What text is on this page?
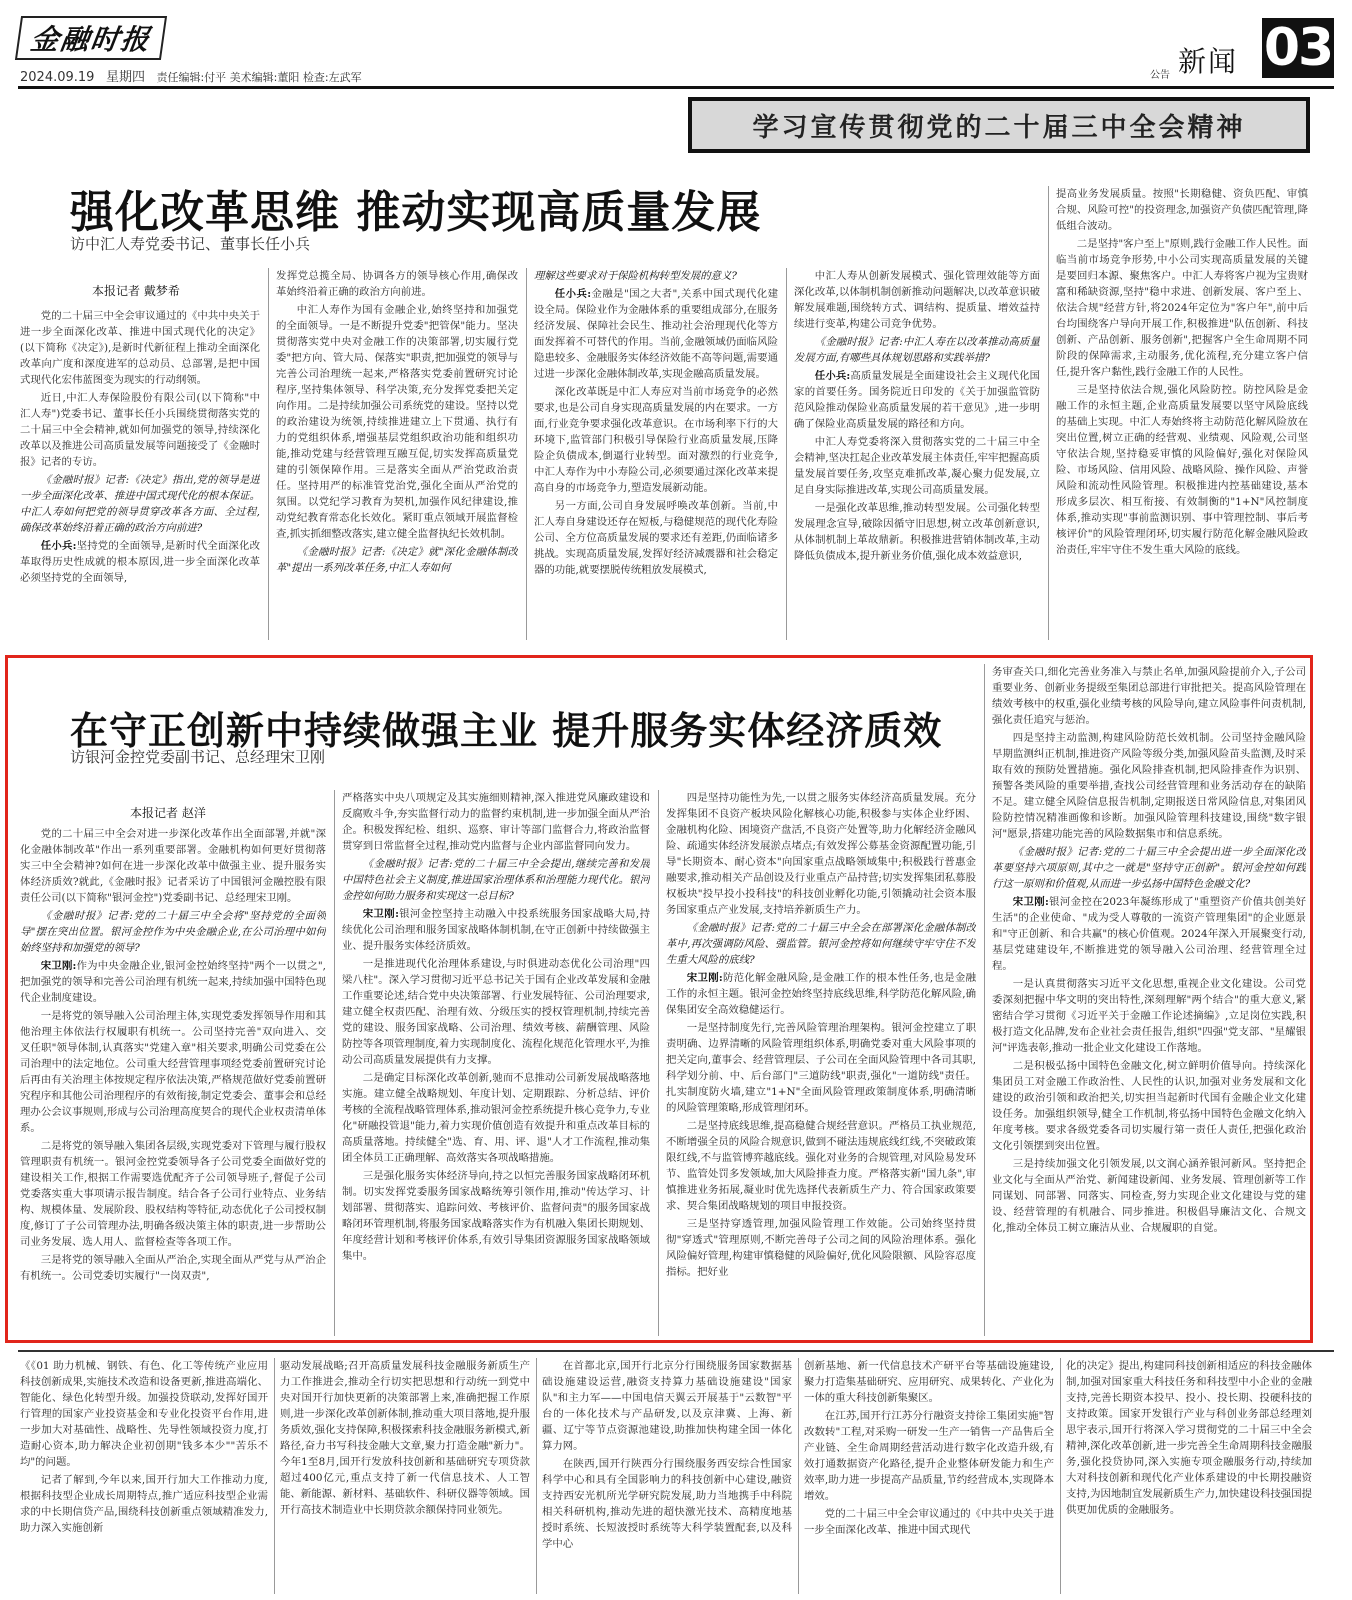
金融时报
2024.09.19 星期四 责任编辑:付平 美术编辑:董阳 检查:左武军	公告 新闻 03
学习宣传贯彻党的二十届三中全会精神
强化改革思维 推动实现高质量发展
访中汇人寿党委书记、董事长任小兵
本报记者 戴梦希

党的二十届三中全会审议通过的《中共中央关于进一步全面深化改革、推进中国式现代化的决定》(以下简称《决定》),是新时代新征程上推动全面深化改革向广度和深度进军的总动员、总部署,是把中国式现代化宏伟蓝图变为现实的行动纲领。

近日,中汇人寿保险股份有限公司(以下简称"中汇人寿")党委书记、董事长任小兵围绕贯彻落实党的二十届三中全会精神,就如何加强党的领导,持续深化改革以及推进公司高质量发展等问题接受了《金融时报》记者的专访。

《金融时报》记者:《决定》指出,党的领导是进一步全面深化改革、推进中国式现代化的根本保证。中汇人寿如何把党的领导贯穿改革各方面、全过程,确保改革始终沿着正确的政治方向前进?

任小兵:坚持党的全面领导,是新时代全面深化改革取得历史性成就的根本原因,进一步全面深化改革必须坚持党的全面领导,

发挥党总揽全局、协调各方的领导核心作用,确保改革始终沿着正确的政治方向前进。

中汇人寿作为国有金融企业,始终坚持和加强党的全面领导。一是不断提升党委"把管保"能力。坚决贯彻落实党中央对金融工作的决策部署,切实履行党委"把方向、管大局、保落实"职责,把加强党的领导与完善公司治理统一起来,严格落实党委前置研究讨论程序,坚持集体领导、科学决策,充分发挥党委把关定向作用。二是持续加强公司系统党的建设。坚持以党的政治建设为统领,持续推进建立上下贯通、执行有力的党组织体系,增强基层党组织政治功能和组织功能,推动党建与经营管理互融互促,切实发挥高质量党建的引领保障作用。三是落实全面从严治党政治责任。坚持用严的标准管党治党,强化全面从严治党的氛围。以党纪学习教育为契机,加强作风纪律建设,推动党纪教育常态化长效化。紧盯重点领域开展监督检查,抓实抓细整改落实,建立健全监督执纪长效机制。

《金融时报》记者:《决定》就"深化金融体制改革"提出一系列改革任务,中汇人寿如何

理解这些要求对于保险机构转型发展的意义?

任小兵:金融是"国之大者",关系中国式现代化建设全局。保险业作为金融体系的重要组成部分,在服务经济发展、保障社会民生、推动社会治理现代化等方面发挥着不可替代的作用。当前,金融领域仍面临风险隐患较多、金融服务实体经济效能不高等问题,需要通过进一步深化金融体制改革,实现金融高质量发展。

深化改革既是中汇人寿应对当前市场竞争的必然要求,也是公司自身实现高质量发展的内在要求。一方面,行业竞争要求强化改革意识。在市场利率下行的大环境下,监管部门积极引导保险行业高质量发展,压降险企负债成本,倒逼行业转型。面对激烈的行业竞争,中汇人寿作为中小寿险公司,必须要通过深化改革来提高自身的市场竞争力,塑造发展新动能。

另一方面,公司自身发展呼唤改革创新。当前,中汇人寿自身建设还存在短板,与稳健规范的现代化寿险公司、全方位高质量发展的要求还有差距,仍面临诸多挑战。实现高质量发展,发挥好经济减震器和社会稳定器的功能,就要摆脱传统粗放发展模式,

中汇人寿从创新发展模式、强化管理效能等方面深化改革,以体制机制创新推动问题解决,以改革意识破解发展难题,围绕转方式、调结构、提质量、增效益持续进行变革,构建公司竞争优势。

《金融时报》记者:中汇人寿在以改革推动高质量发展方面,有哪些具体规划思路和实践举措?

任小兵:高质量发展是全面建设社会主义现代化国家的首要任务。国务院近日印发的《关于加强监管防范风险推动保险业高质量发展的若干意见》,进一步明确了保险业高质量发展的路径和方向。

中汇人寿党委将深入贯彻落实党的二十届三中全会精神,坚决扛起企业改革发展主体责任,牢牢把握高质量发展首要任务,攻坚克难抓改革,凝心聚力促发展,立足自身实际推进改革,实现公司高质量发展。

一是强化改革思维,推动转型发展。公司强化转型发展理念宣导,破除因循守旧思想,树立改革创新意识,从体制机制上革故鼎新。积极推进营销体制改革,主动降低负债成本,提升新业务价值,强化成本效益意识,

提高业务发展质量。按照"长期稳健、资负匹配、审慎合规、风险可控"的投资理念,加强资产负债匹配管理,降低组合波动。

二是坚持"客户至上"原则,践行金融工作人民性。面临当前市场竞争形势,中小公司实现高质量发展的关键是要回归本源、聚焦客户。中汇人寿将客户视为宝贵财富和稀缺资源,坚持"稳中求进、创新发展、客户至上、依法合规"经营方针,将2024年定位为"客户年",前中后台均围绕客户导向开展工作,积极推进"队伍创新、科技创新、产品创新、服务创新",把握客户全生命周期不同阶段的保障需求,主动服务,优化流程,充分建立客户信任,提升客户黏性,践行金融工作的人民性。

三是坚持依法合规,强化风险防控。防控风险是金融工作的永恒主题,企业高质量发展要以坚守风险底线的基础上实现。中汇人寿始终将主动防范化解风险放在突出位置,树立正确的经营观、业绩观、风险观,公司坚守依法合规,坚持稳妥审慎的风险偏好,强化对保险风险、市场风险、信用风险、战略风险、操作风险、声誉风险和流动性风险管理。积极推进内控基础建设,基本形成多层次、相互衔接、有效制衡的"1+N"风控制度体系,推动实现"事前监测识别、事中管理控制、事后考核评价"的风险管理闭环,切实履行防范化解金融风险政治责任,牢牢守住不发生重大风险的底线。

在守正创新中持续做强主业 提升服务实体经济质效
访银河金控党委副书记、总经理宋卫刚
本报记者 赵洋

党的二十届三中全会对进一步深化改革作出全面部署,并就"深化金融体制改革"作出一系列重要部署。金融机构如何更好贯彻落实三中全会精神?如何在进一步深化改革中做强主业、提升服务实体经济质效?就此,《金融时报》记者采访了中国银河金融控股有限责任公司(以下简称"银河金控")党委副书记、总经理宋卫刚。

《金融时报》记者:党的二十届三中全会将"坚持党的全面领导"摆在突出位置。银河金控作为中央金融企业,在公司治理中如何始终坚持和加强党的领导?

宋卫刚:作为中央金融企业,银河金控始终坚持"两个一以贯之",把加强党的领导和完善公司治理有机统一起来,持续加强中国特色现代企业制度建设。

一是将党的领导融入公司治理主体,实现党委发挥领导作用和其他治理主体依法行权履职有机统一。公司坚持完善"双向进入、交叉任职"领导体制,认真落实"党建入章"相关要求,明确公司党委在公司治理中的法定地位。公司重大经营管理事项经党委前置研究讨论后再由有关治理主体按规定程序依法决策,严格规范做好党委前置研究程序和其他公司治理程序的有效衔接,制定党委会、董事会和总经理办公会议事规则,形成与公司治理高度契合的现代企业权责清单体系。

二是将党的领导融入集团各层级,实现党委对下管理与履行股权管理职责有机统一。银河金控党委领导各子公司党委全面做好党的建设相关工作,根据工作需要选优配齐子公司领导班子,督促子公司党委落实重大事项请示报告制度。结合各子公司行业特点、业务结构、规模体量、发展阶段、股权结构等特征,动态优化子公司授权制度,修订了子公司管理办法,明确各级决策主体的职责,进一步帮助公司业务发展、选人用人、监督检查等各项工作。

三是将党的领导融入全面从严治企,实现全面从严党与从严治企有机统一。公司党委切实履行"一岗双责",

严格落实中央八项规定及其实施细则精神,深入推进党风廉政建设和反腐败斗争,夯实监督行动力的监督约束机制,进一步加强全面从严治企。积极发挥纪检、组织、巡察、审计等部门监督合力,将政治监督贯穿到日常监督全过程,推动党内监督与企业内部监督同向发力。

《金融时报》记者:党的二十届三中全会提出,继续完善和发展中国特色社会主义制度,推进国家治理体系和治理能力现代化。银河金控如何助力服务和实现这一总目标?

宋卫刚:银河金控坚持主动融入中投系统服务国家战略大局,持续优化公司治理和服务国家战略体制机制,在守正创新中持续做强主业、提升服务实体经济质效。

一是推进现代化治理体系建设,与时俱进动态优化公司治理"四梁八柱"。深入学习贯彻习近平总书记关于国有企业改革发展和金融工作重要论述,结合党中央决策部署、行业发展特征、公司治理要求,建立健全权责匹配、治理有效、分级压实的授权管理机制,持续完善党的建设、服务国家战略、公司治理、绩效考核、薪酬管理、风险防控等各项管理制度,着力实现制度化、流程化规范化管理水平,为推动公司高质量发展提供有力支撑。

二是确定目标深化改革创新,驰而不息推动公司新发展战略落地实施。建立健全战略规划、年度计划、定期跟踪、分析总结、评价考核的全流程战略管理体系,推动银河金控系统提升核心竞争力,专业化"研融投管退"能力,着力实现价值创造有效提升和重点改革目标的高质量落地。持续健全"选、育、用、评、退"人才工作流程,推动集团全体员工正确理解、高效落实各项战略措施。

三是强化服务实体经济导向,持之以恒完善服务国家战略闭环机制。切实发挥党委服务国家战略统筹引领作用,推动"传达学习、计划部署、贯彻落实、追踪问效、考核评价、监督问责"的服务国家战略闭环管理机制,将服务国家战略落实作为有机融入集团长期规划、年度经营计划和考核评价体系,有效引导集团资源服务国家战略领域集中。

四是坚持功能性为先,一以贯之服务实体经济高质量发展。充分发挥集团不良资产板块风险化解核心功能,积极参与实体企业纾困、金融机构化险、困境资产盘活,不良资产处置等,助力化解经济金融风险、疏通实体经济发展淤点堵点;有效发挥公募基金资源配置功能,引导"长期资本、耐心资本"向国家重点战略领域集中;积极践行普惠金融要求,推动相关产品创设及行业重点产品持营;切实发挥集团私募股权板块"投早投小投科技"的科技创业孵化功能,引领撬动社会资本服务国家重点产业发展,支持培养新质生产力。

《金融时报》记者:党的二十届三中全会在部署深化金融体制改革中,再次强调防风险、强监管。银河金控将如何继续守牢守住不发生重大风险的底线?

宋卫刚:防范化解金融风险,是金融工作的根本性任务,也是金融工作的永恒主题。银河金控始终坚持底线思维,科学防范化解风险,确保集团安全高效稳健运行。

一是坚持制度先行,完善风险管理治理架构。银河金控建立了职责明确、边界清晰的风险管理组织体系,明确党委对重大风险事项的把关定向,董事会、经营管理层、子公司在全面风险管理中各司其职,科学划分前、中、后台部门"三道防线"职责,强化"一道防线"责任。扎实制度防火墙,建立"1+N"全面风险管理政策制度体系,明确清晰的风险管理策略,形成管理闭环。

二是坚持底线思维,提高稳健合规经营意识。严格员工执业规范,不断增强全员的风险合规意识,做到不碰法违规底线红线,不突破政策限红线,不与监管博弈越底线。强化对业务的合规管理,对风险易发环节、监管处罚多发领域,加大风险排查力度。严格落实新"国九条",审慎推进业务拓展,凝业时优先选择代表新质生产力、符合国家政策要求、契合集团战略规划的项目申报投资。

三是坚持穿透管理,加强风险管理工作效能。公司始终坚持贯彻"穿透式"管理原则,不断完善母子公司之间的风险治理体系。强化风险偏好管理,构建审慎稳健的风险偏好,优化风险限额、风险容忍度指标。把好业

务审查关口,细化完善业务准入与禁止名单,加强风险提前介入,子公司重要业务、创新业务提级至集团总部进行审批把关。提高风险管理在绩效考核中的权重,强化业绩考核的风险导向,建立风险事件问责机制,强化责任追究与惩治。

四是坚持主动监测,构建风险防范长效机制。公司坚持金融风险早期监测纠正机制,推进资产风险等级分类,加强风险苗头监测,及时采取有效的预防处置措施。强化风险排查机制,把风险排查作为识别、预警各类风险的重要举措,查找公司经营管理和业务活动存在的缺陷不足。建立健全风险信息报告机制,定期报送日常风险信息,对集团风险防控情况精准画像和诊断。加强风险管理科技建设,围绕"数字银河"愿景,搭建功能完善的风险数据集市和信息系统。

《金融时报》记者:党的二十届三中全会提出进一步全面深化改革要坚持六项原则,其中之一就是"坚持守正创新"。银河金控如何践行这一原则和价值观,从而进一步弘扬中国特色金融文化?

宋卫刚:银河金控在2023年凝练形成了"重塑资产价值共创美好生活"的企业使命、"成为受人尊敬的一流资产管理集团"的企业愿景和"守正创新、和合共赢"的核心价值观。2024年深入开展聚变行动,基层党建建设年,不断推进党的领导融入公司治理、经营管理全过程。

一是认真贯彻落实习近平文化思想,重视企业文化建设。公司党委深刻把握中华文明的突出特性,深刻理解"两个结合"的重大意义,紧密结合学习贯彻《习近平关于金融工作论述摘编》,立足岗位实践,积极打造文化品牌,发布企业社会责任报告,组织"四强"党支部、"星耀银河"评选表彰,推动一批企业文化建设工作落地。

二是积极弘扬中国特色金融文化,树立鲜明价值导向。持续深化集团员工对金融工作政治性、人民性的认识,加强对业务发展和文化建设的政治引领和政治把关,切实担当起新时代国有金融企业文化建设任务。加强组织领导,健全工作机制,将弘扬中国特色金融文化纳入年度考核。要求各级党委各司切实履行第一责任人责任,把强化政治文化引领摆到突出位置。

三是持续加强文化引领发展,以文润心涵养银河新风。坚持把企业文化与全面从严治党、新闻建设新闻、业务发展、管理创新等工作同谋划、同部署、同落实、同检查,努力实现企业文化建设与党的建设、经营管理的有机融合、同步推进。积极倡导廉洁文化、合规文化,推动全体员工树立廉洁从业、合规履职的自觉。

《《01 助力机械、钢铁、有色、化工等传统产业应用科技创新成果,实施技术改造和设备更新,推进高端化、智能化、绿色化转型升级。加强投贷联动,发挥好国开行管理的国家产业投资基金和专业化投资平台作用,进一步加大对基础性、战略性、先导性领域投资力度,打造耐心资本,助力解决企业初创期"钱多本少""苦乐不均"的问题。

记者了解到,今年以来,国开行加大工作推动力度,根据科技型企业成长周期特点,推广适应科技型企业需求的中长期信贷产品,围绕科技创新重点领域精准发力,助力深入实施创新

驱动发展战略;召开高质量发展科技金融服务新质生产力工作推进会,推动全行切实把思想和行动统一到党中央对国开行加快更新的决策部署上来,准确把握工作原则,进一步深化改革创新体制,推动重大项目落地,提升服务质效,强化支持保障,积极探索科技金融服务新模式,新路径,奋力书写科技金融大文章,聚力打造金融"新力"。今年1至8月,国开行发放科技创新和基础研究专项贷款超过400亿元,重点支持了新一代信息技术、人工智能、新能源、新材料、基础软件、科研仪器等领域。国开行高技术制造业中长期贷款余额保持同业领先。

在首都北京,国开行北京分行围绕服务国家数据基础设施建设运营,融资支持算力基础设施建设"国家队"和主力军——中国电信天翼云开展基于"云数智"平台的一体化技术与产品研发,以及京津冀、上海、新疆、辽宁等节点资源池建设,助推加快构建全国一体化算力网。

在陕西,国开行陕西分行围绕服务西安综合性国家科学中心和具有全国影响力的科技创新中心建设,融资支持西安光机所光学研究院发展,助力当地携手中科院相关科研机构,推动先进的超快激光技术、高精度地基授时系统、长短波授时系统等大科学装置配套,以及科学中心

创新基地、新一代信息技术产研平台等基础设施建设,聚力打造集基础研究、应用研究、成果转化、产业化为一体的重大科技创新集聚区。

在江苏,国开行江苏分行融资支持徐工集团实施"智改数转"工程,对采购一研发一生产一销售一产品售后全产业链、全生命周期经营活动进行数字化改造升级,有效打通数据资产化路径,提升企业整体研发能力和生产效率,助力进一步提高产品质量,节约经营成本,实现降本增效。

党的二十届三中全会审议通过的《中共中央关于进一步全面深化改革、推进中国式现代

化的决定》提出,构建同科技创新相适应的科技金融体制,加强对国家重大科技任务和科技型中小企业的金融支持,完善长期资本投早、投小、投长期、投硬科技的支持政策。国家开发银行产业与科创业务部总经理刘思宇表示,国开行将深入学习贯彻党的二十届三中全会精神,深化改革创新,进一步完善全生命周期科技金融服务,强化投贷协同,深入实施专项金融服务行动,持续加大对科技创新和现代化产业体系建设的中长期投融资支持,为因地制宜发展新质生产力,加快建设科技强国提供更加优质的金融服务。
